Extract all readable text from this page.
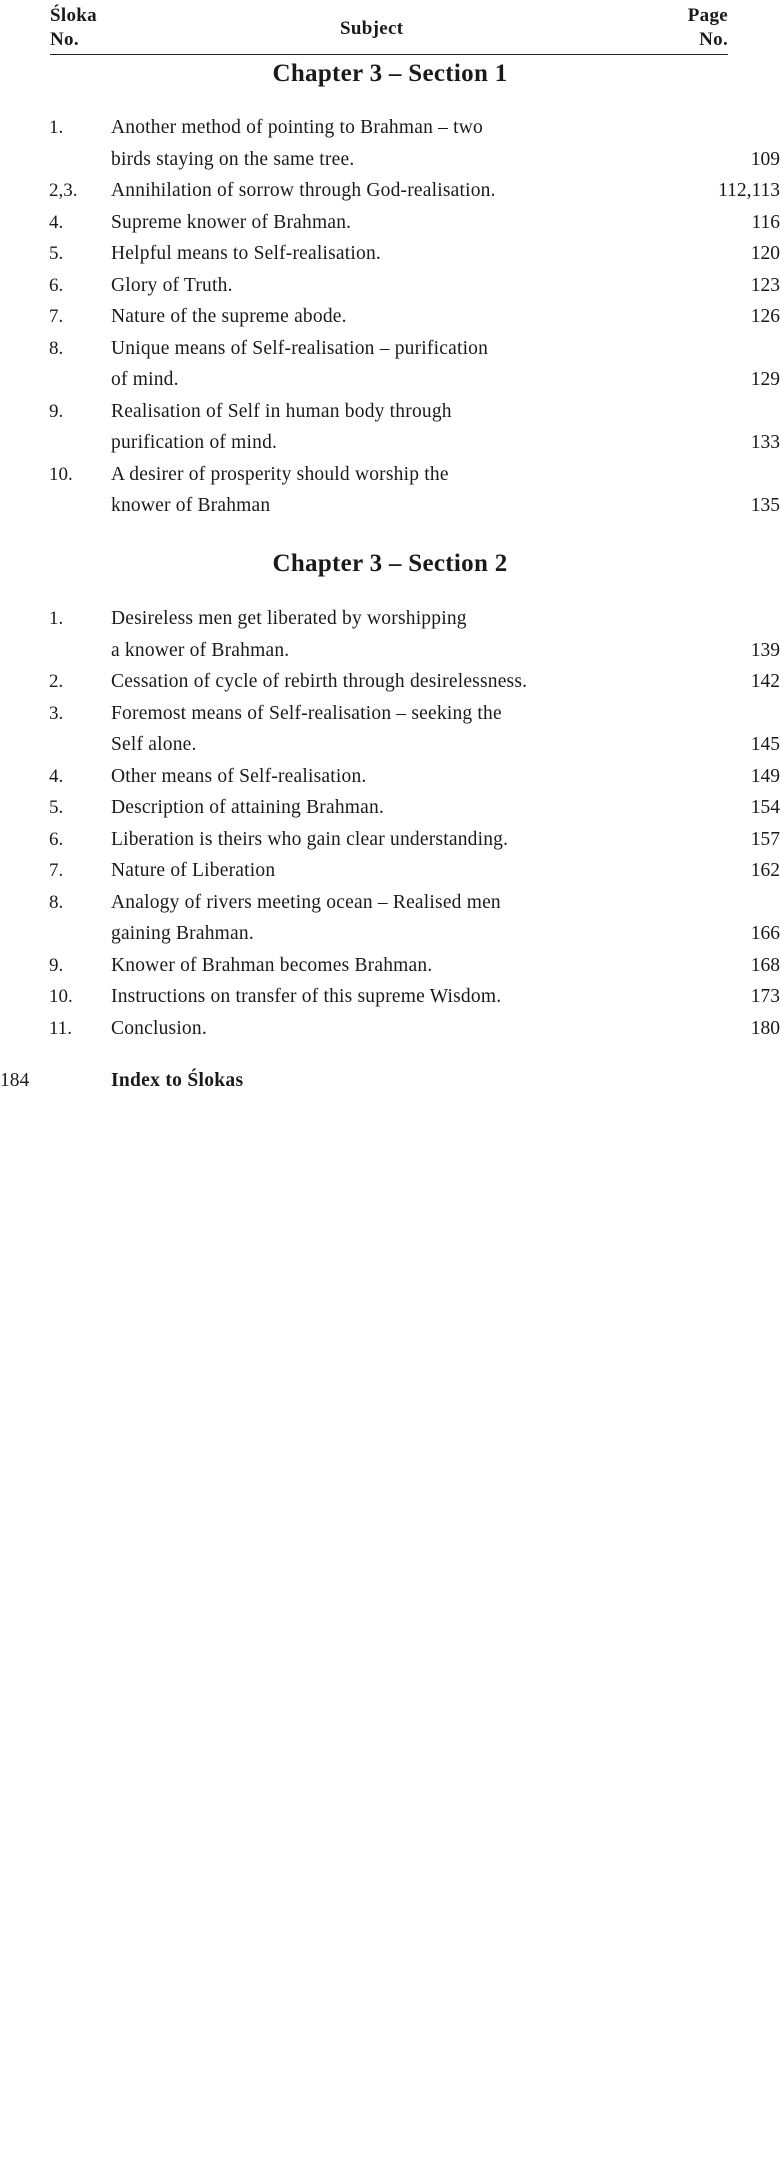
Śloka
No.
Subject
Page
No.
Chapter 3 – Section 1
1. Another method of pointing to Brahman – two
birds staying on the same tree.	109
2,3. Annihilation of sorrow through God-realisation.	112,113
4. Supreme knower of Brahman.	116
5. Helpful means to Self-realisation.	120
6. Glory of Truth.	123
7. Nature of the supreme abode.	126
8. Unique means of Self-realisation – purification
of mind.	129
9. Realisation of Self in human body through
purification of mind.	133
10. A desirer of prosperity should worship the
knower of Brahman	135
Chapter 3 – Section 2
1. Desireless men get liberated by worshipping
a knower of Brahman.	139
2. Cessation of cycle of rebirth through desirelessness.	142
3. Foremost means of Self-realisation – seeking the
Self alone.	145
4. Other means of Self-realisation.	149
5. Description of attaining Brahman.	154
6. Liberation is theirs who gain clear understanding.	157
7. Nature of Liberation	162
8. Analogy of rivers meeting ocean – Realised men
gaining Brahman.	166
9. Knower of Brahman becomes Brahman.	168
10. Instructions on transfer of this supreme Wisdom.	173
11. Conclusion.	180
Index to Ślokas
184
